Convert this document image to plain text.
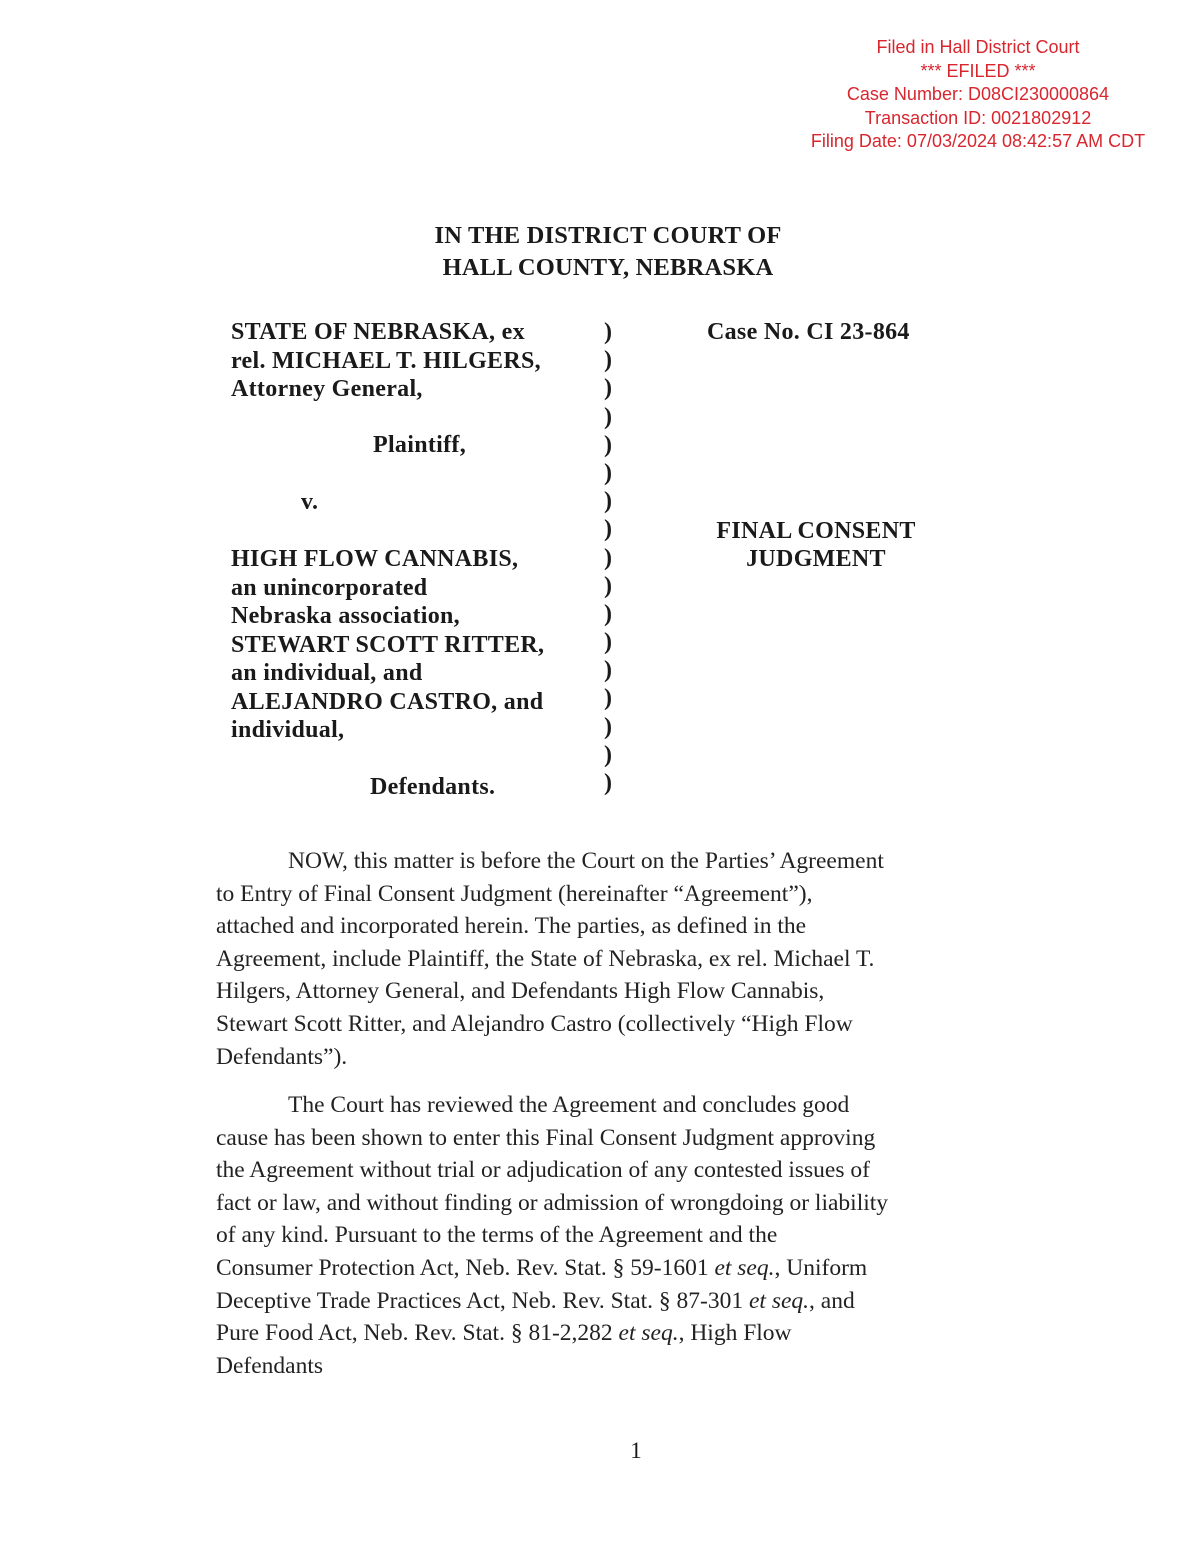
Filed in Hall District Court
*** EFILED ***
Case Number: D08CI230000864
Transaction ID: 0021802912
Filing Date: 07/03/2024 08:42:57 AM CDT
IN THE DISTRICT COURT OF
HALL COUNTY, NEBRASKA
STATE OF NEBRASKA, ex
rel. MICHAEL T. HILGERS,
Attorney General,
Plaintiff,
v.
HIGH FLOW CANNABIS,
an unincorporated
Nebraska association,
STEWART SCOTT RITTER,
an individual, and
ALEJANDRO CASTRO, and
individual,
Defendants.
)
)
)
)
)
)
)
)
)
)
)
)
)
)
)
)
)
Case No. CI 23-864
FINAL CONSENT
JUDGMENT
NOW, this matter is before the Court on the Parties’ Agreement
to Entry of Final Consent Judgment (hereinafter “Agreement”),
attached and incorporated herein. The parties, as defined in the
Agreement, include Plaintiff, the State of Nebraska, ex rel. Michael T.
Hilgers, Attorney General, and Defendants High Flow Cannabis,
Stewart Scott Ritter, and Alejandro Castro (collectively “High Flow
Defendants”).
The Court has reviewed the Agreement and concludes good
cause has been shown to enter this Final Consent Judgment approving
the Agreement without trial or adjudication of any contested issues of
fact or law, and without finding or admission of wrongdoing or liability
of any kind. Pursuant to the terms of the Agreement and the
Consumer Protection Act, Neb. Rev. Stat. § 59-1601 et seq., Uniform
Deceptive Trade Practices Act, Neb. Rev. Stat. § 87-301 et seq., and
Pure Food Act, Neb. Rev. Stat. § 81-2,282 et seq., High Flow
Defendants
1
